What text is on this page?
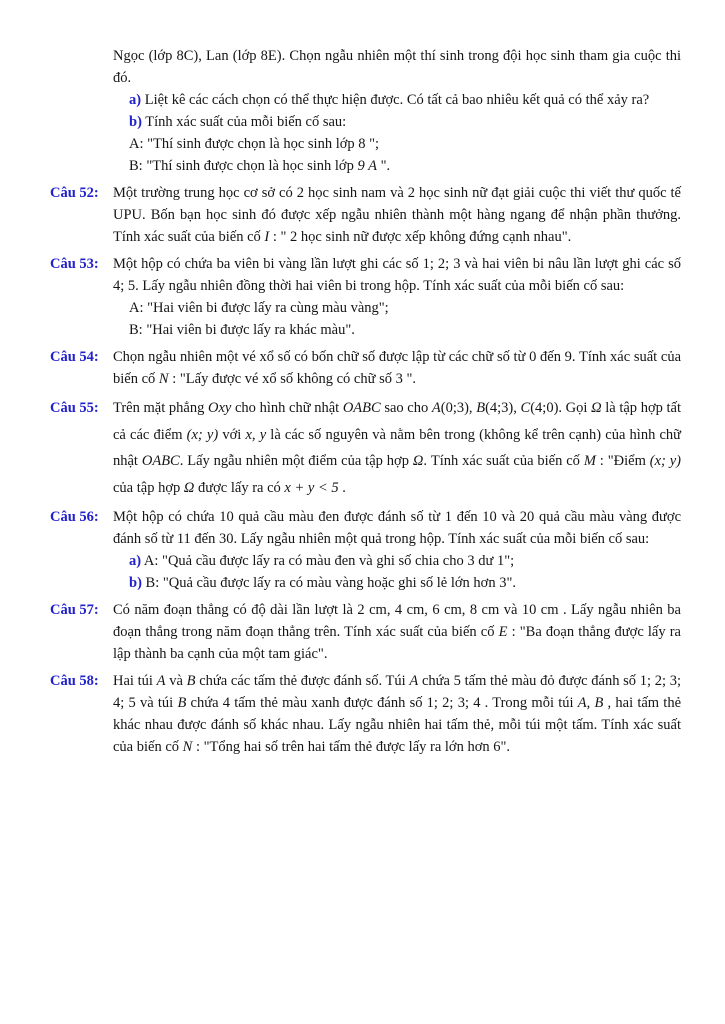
Ngọc (lớp 8C), Lan (lớp 8E). Chọn ngẫu nhiên một thí sinh trong đội học sinh tham gia cuộc thi đó.
a) Liệt kê các cách chọn có thể thực hiện được. Có tất cả bao nhiêu kết quả có thể xảy ra?
b) Tính xác suất của mỗi biến cố sau:
A: "Thí sinh được chọn là học sinh lớp 8 ";
B: "Thí sinh được chọn là học sinh lớp 9 A ".
Câu 52: Một trường trung học cơ sở có 2 học sinh nam và 2 học sinh nữ đạt giải cuộc thi viết thư quốc tế UPU. Bốn bạn học sinh đó được xếp ngẫu nhiên thành một hàng ngang để nhận phần thưởng. Tính xác suất của biến cố I : " 2 học sinh nữ được xếp không đứng cạnh nhau".
Câu 53: Một hộp có chứa ba viên bi vàng lần lượt ghi các số 1; 2; 3 và hai viên bi nâu lần lượt ghi các số 4; 5. Lấy ngẫu nhiên đồng thời hai viên bi trong hộp. Tính xác suất của mỗi biến cố sau:
A: "Hai viên bi được lấy ra cùng màu vàng";
B: "Hai viên bi được lấy ra khác màu".
Câu 54: Chọn ngẫu nhiên một vé xổ số có bốn chữ số được lập từ các chữ số từ 0 đến 9. Tính xác suất của biến cố N : "Lấy được vé xổ số không có chữ số 3 ".
Câu 55: Trên mặt phẳng Oxy cho hình chữ nhật OABC sao cho A(0;3), B(4;3), C(4;0). Gọi Ω là tập hợp tất cả các điểm (x; y) với x, y là các số nguyên và nằm bên trong (không kể trên cạnh) của hình chữ nhật OABC. Lấy ngẫu nhiên một điểm của tập hợp Ω. Tính xác suất của biến cố M : "Điểm (x; y) của tập hợp Ω được lấy ra có x + y < 5 .
Câu 56: Một hộp có chứa 10 quả cầu màu đen được đánh số từ 1 đến 10 và 20 quả cầu màu vàng được đánh số từ 11 đến 30. Lấy ngẫu nhiên một quả trong hộp. Tính xác suất của mỗi biến cố sau:
a) A: "Quả cầu được lấy ra có màu đen và ghi số chia cho 3 dư 1";
b) B: "Quả cầu được lấy ra có màu vàng hoặc ghi số lẻ lớn hơn 3".
Câu 57: Có năm đoạn thẳng có độ dài lần lượt là 2 cm, 4 cm, 6 cm, 8 cm và 10 cm . Lấy ngẫu nhiên ba đoạn thẳng trong năm đoạn thẳng trên. Tính xác suất của biến cố E : "Ba đoạn thẳng được lấy ra lập thành ba cạnh của một tam giác".
Câu 58: Hai túi A và B chứa các tấm thẻ được đánh số. Túi A chứa 5 tấm thẻ màu đỏ được đánh số 1; 2; 3; 4; 5 và túi B chứa 4 tấm thẻ màu xanh được đánh số 1; 2; 3; 4 . Trong mỗi túi A, B , hai tấm thẻ khác nhau được đánh số khác nhau. Lấy ngẫu nhiên hai tấm thẻ, mỗi túi một tấm. Tính xác suất của biến cố N : "Tổng hai số trên hai tấm thẻ được lấy ra lớn hơn 6".
